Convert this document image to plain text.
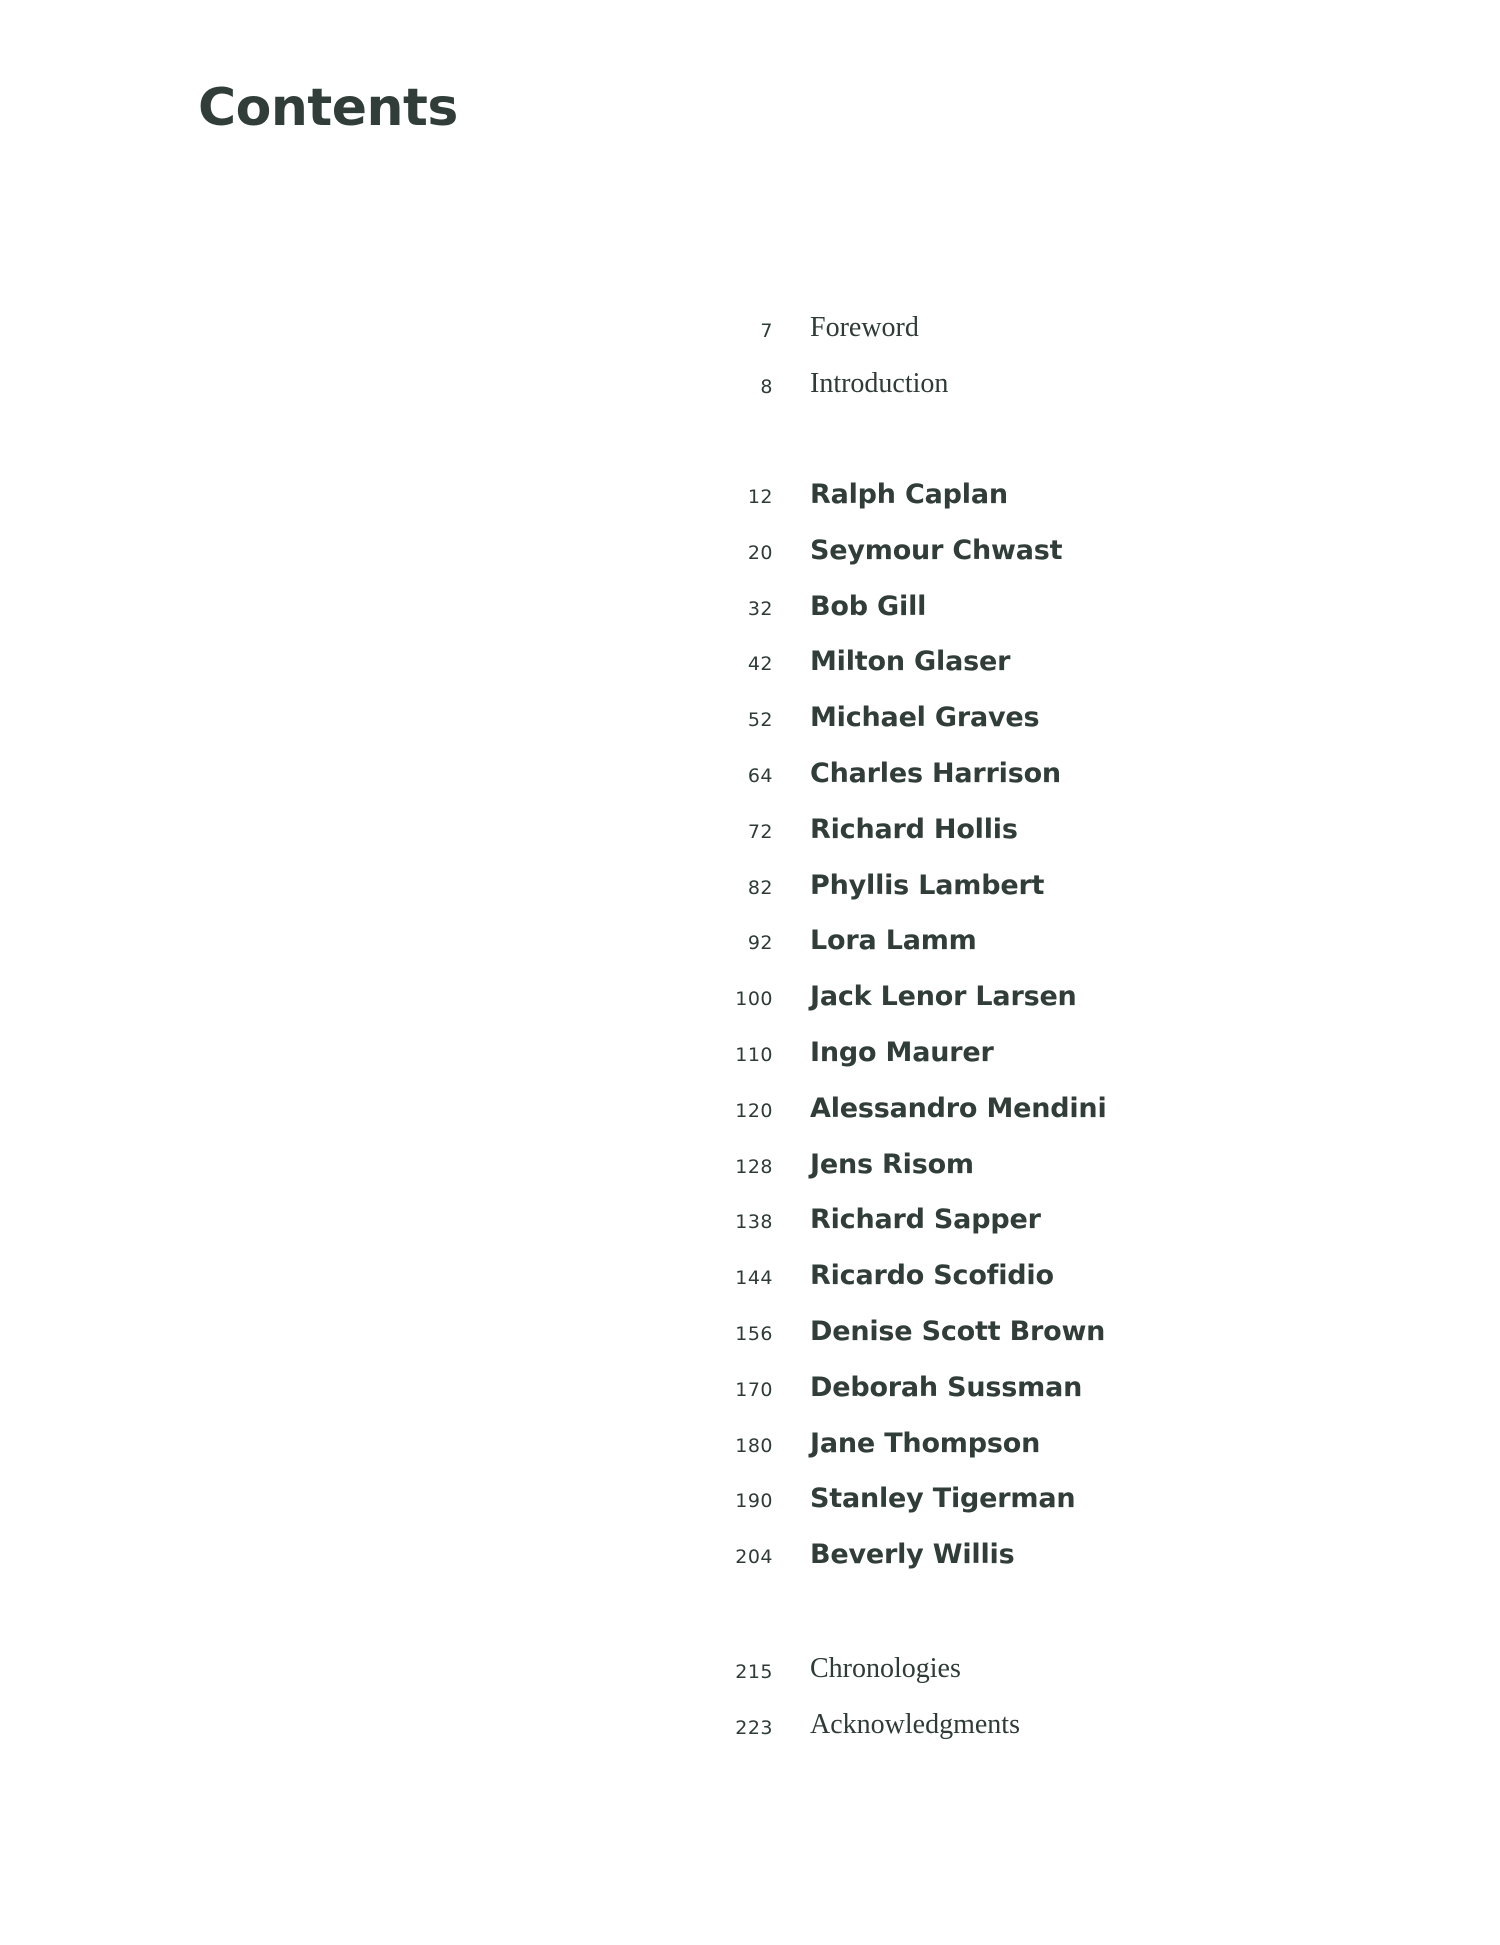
Contents
7 Foreword
8 Introduction
12 Ralph Caplan
20 Seymour Chwast
32 Bob Gill
42 Milton Glaser
52 Michael Graves
64 Charles Harrison
72 Richard Hollis
82 Phyllis Lambert
92 Lora Lamm
100 Jack Lenor Larsen
110 Ingo Maurer
120 Alessandro Mendini
128 Jens Risom
138 Richard Sapper
144 Ricardo Scofidio
156 Denise Scott Brown
170 Deborah Sussman
180 Jane Thompson
190 Stanley Tigerman
204 Beverly Willis
215 Chronologies
223 Acknowledgments
